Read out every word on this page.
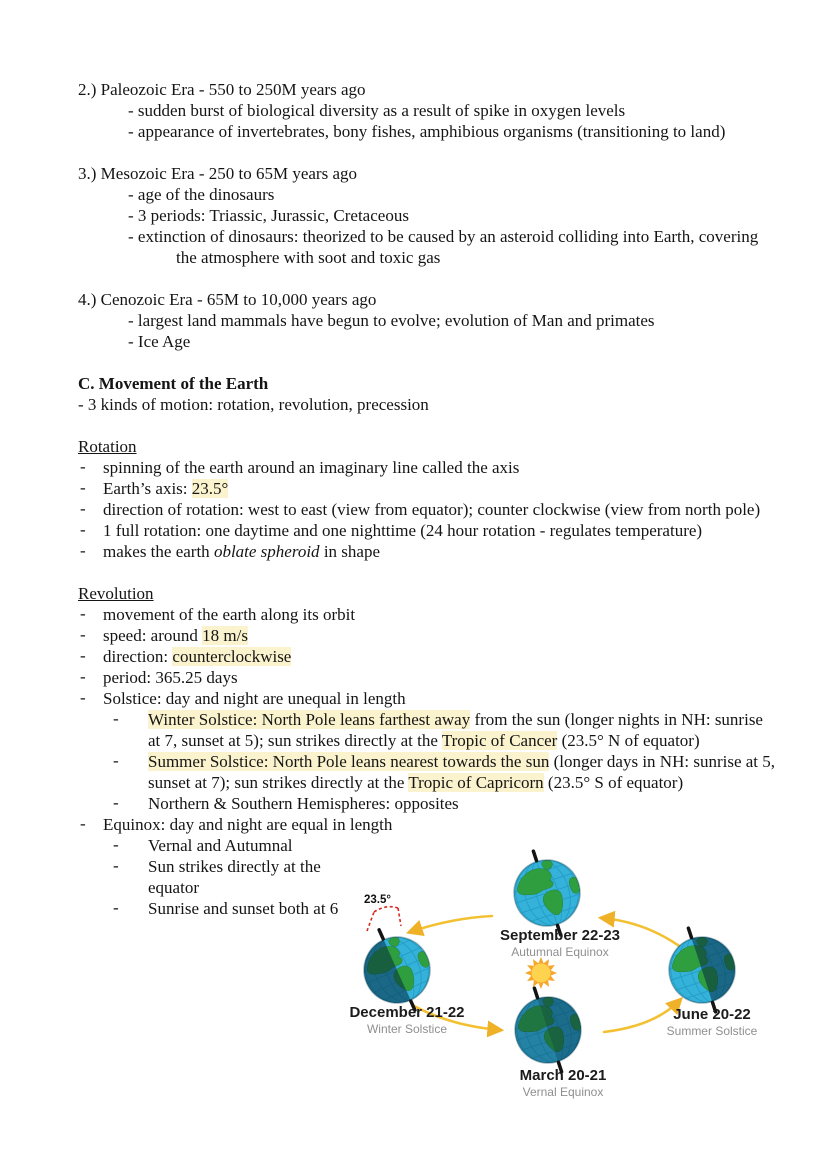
2.) Paleozoic Era - 550 to 250M years ago
- sudden burst of biological diversity as a result of spike in oxygen levels
- appearance of invertebrates, bony fishes, amphibious organisms (transitioning to land)
3.) Mesozoic Era - 250 to 65M years ago
- age of the dinosaurs
- 3 periods: Triassic, Jurassic, Cretaceous
- extinction of dinosaurs: theorized to be caused by an asteroid colliding into Earth, covering
the atmosphere with soot and toxic gas
4.) Cenozoic Era - 65M to 10,000 years ago
- largest land mammals have begun to evolve; evolution of Man and primates
- Ice Age
C. Movement of the Earth
- 3 kinds of motion: rotation, revolution, precession
Rotation
- spinning of the earth around an imaginary line called the axis
- Earth’s axis: 23.5°
- direction of rotation: west to east (view from equator); counter clockwise (view from north pole)
- 1 full rotation: one daytime and one nighttime (24 hour rotation - regulates temperature)
- makes the earth oblate spheroid in shape
Revolution
- movement of the earth along its orbit
- speed: around 18 m/s
- direction: counterclockwise
- period: 365.25 days
- Solstice: day and night are unequal in length
- Winter Solstice: North Pole leans farthest away from the sun (longer nights in NH: sunrise
at 7, sunset at 5); sun strikes directly at the Tropic of Cancer (23.5° N of equator)
- Summer Solstice: North Pole leans nearest towards the sun (longer days in NH: sunrise at 5,
sunset at 7); sun strikes directly at the Tropic of Capricorn (23.5° S of equator)
- Northern & Southern Hemispheres: opposites
- Equinox: day and night are equal in length
- Vernal and Autumnal
- Sun strikes directly at the
equator
- Sunrise and sunset both at 6	23.5°
September 22-23
Autumnal Equinox
December 21-22
Winter Solstice
June 20-22
Summer Solstice
March 20-21
Vernal Equinox
